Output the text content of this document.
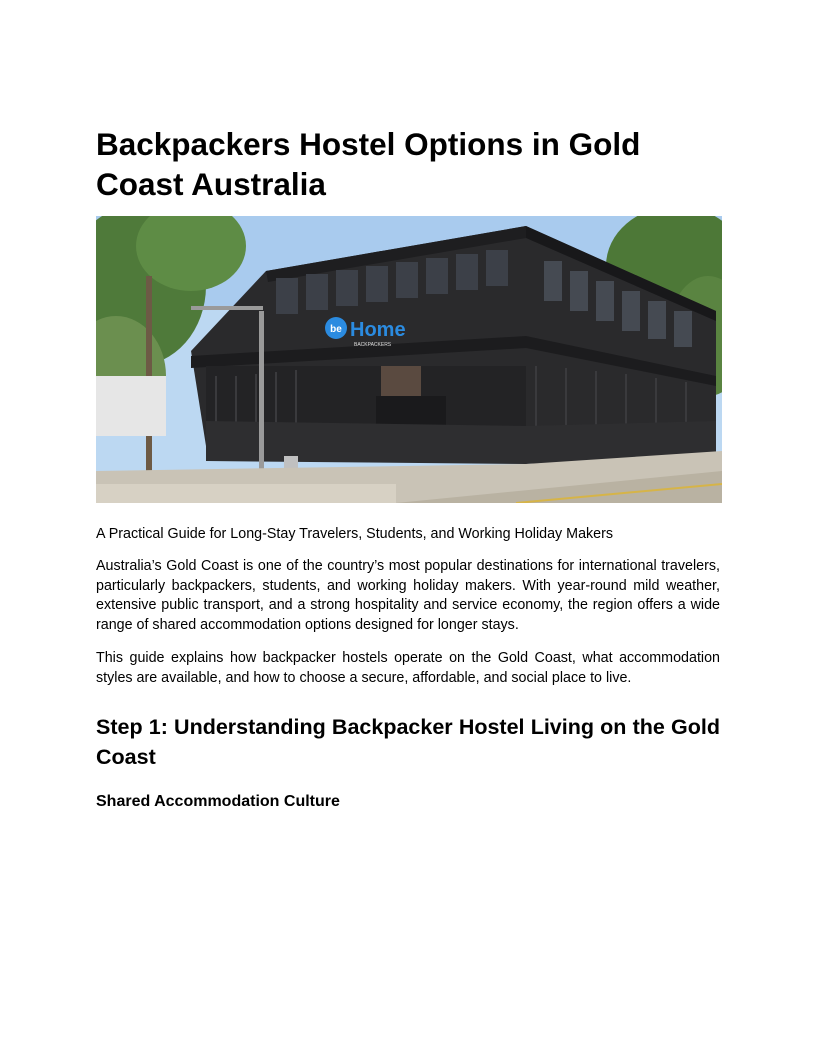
Backpackers Hostel Options in Gold Coast Australia
be Home
BACKPACKERS

A Practical Guide for Long-Stay Travelers, Students, and Working Holiday Makers

Australia’s Gold Coast is one of the country’s most popular destinations for international travelers, particularly backpackers, students, and working holiday makers. With year-round mild weather, extensive public transport, and a strong hospitality and service economy, the region offers a wide range of shared accommodation options designed for longer stays.

This guide explains how backpacker hostels operate on the Gold Coast, what accommodation styles are available, and how to choose a secure, affordable, and social place to live.

Step 1: Understanding Backpacker Hostel Living on the Gold Coast
Shared Accommodation Culture
